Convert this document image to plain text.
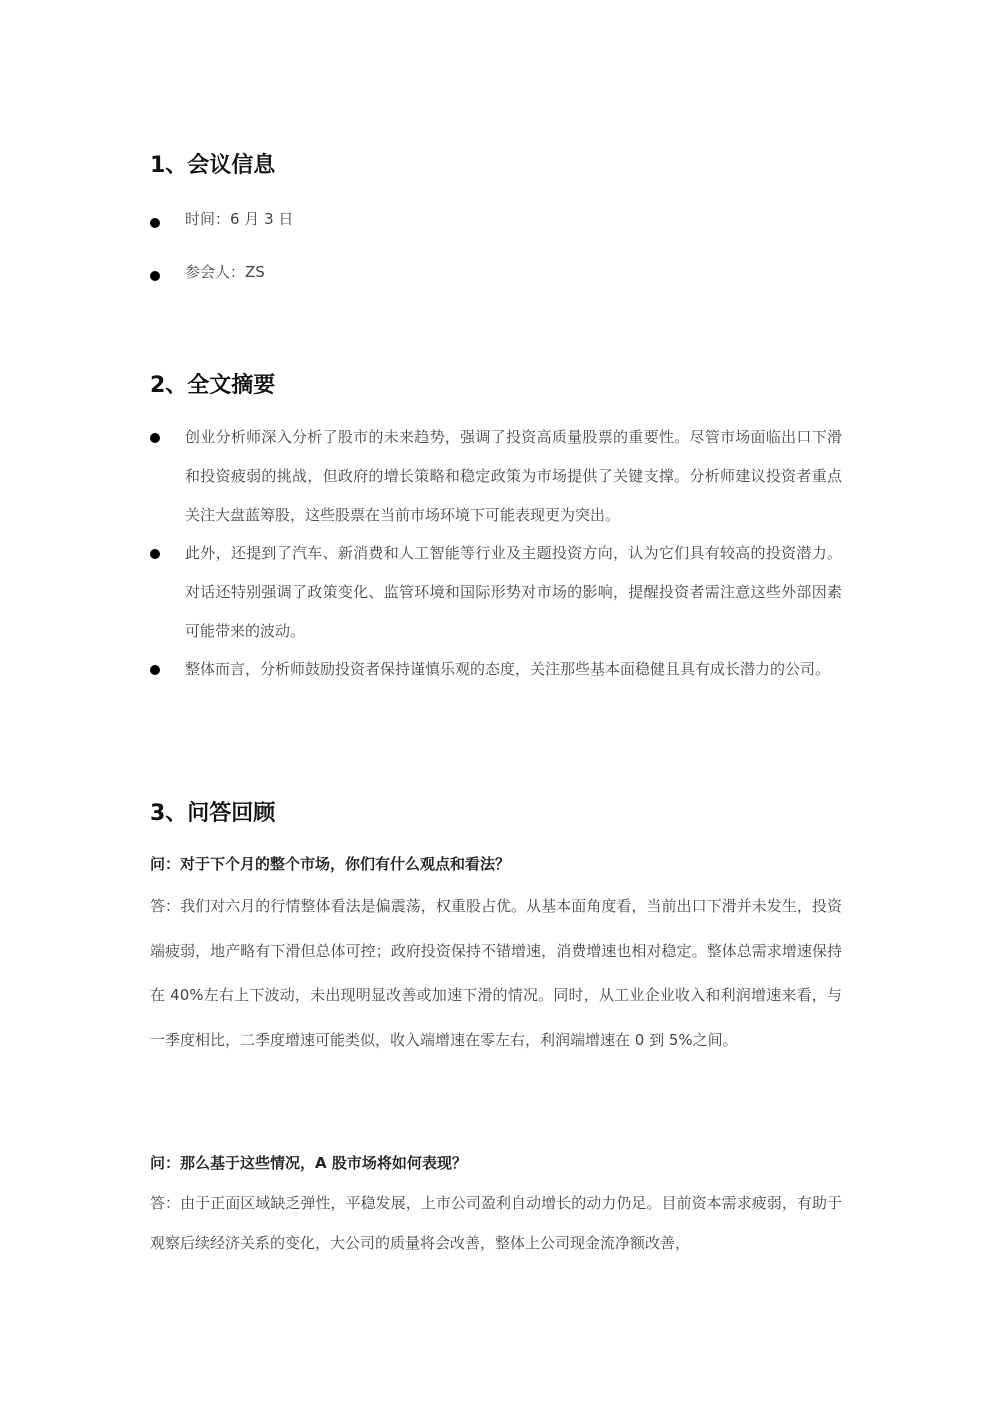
1、会议信息
时间：6 月 3 日
参会人：ZS
2、全文摘要
创业分析师深入分析了股市的未来趋势，强调了投资高质量股票的重要性。尽管市场面临出口下滑和投资疲弱的挑战，但政府的增长策略和稳定政策为市场提供了关键支撑。分析师建议投资者重点关注大盘蓝筹股，这些股票在当前市场环境下可能表现更为突出。
此外，还提到了汽车、新消费和人工智能等行业及主题投资方向，认为它们具有较高的投资潜力。对话还特别强调了政策变化、监管环境和国际形势对市场的影响，提醒投资者需注意这些外部因素可能带来的波动。
整体而言，分析师鼓励投资者保持谨慎乐观的态度，关注那些基本面稳健且具有成长潜力的公司。
3、问答回顾
问：对于下个月的整个市场，你们有什么观点和看法？
答：我们对六月的行情整体看法是偏震荡，权重股占优。从基本面角度看，当前出口下滑并未发生，投资端疲弱，地产略有下滑但总体可控；政府投资保持不错增速，消费增速也相对稳定。整体总需求增速保持在 40%左右上下波动，未出现明显改善或加速下滑的情况。同时，从工业企业收入和利润增速来看，与一季度相比，二季度增速可能类似，收入端增速在零左右，利润端增速在 0 到 5%之间。
问：那么基于这些情况，A 股市场将如何表现？
答：由于正面区域缺乏弹性，平稳发展，上市公司盈利自动增长的动力仍足。目前资本需求疲弱，有助于观察后续经济关系的变化，大公司的质量将会改善，整体上公司现金流净额改善，
